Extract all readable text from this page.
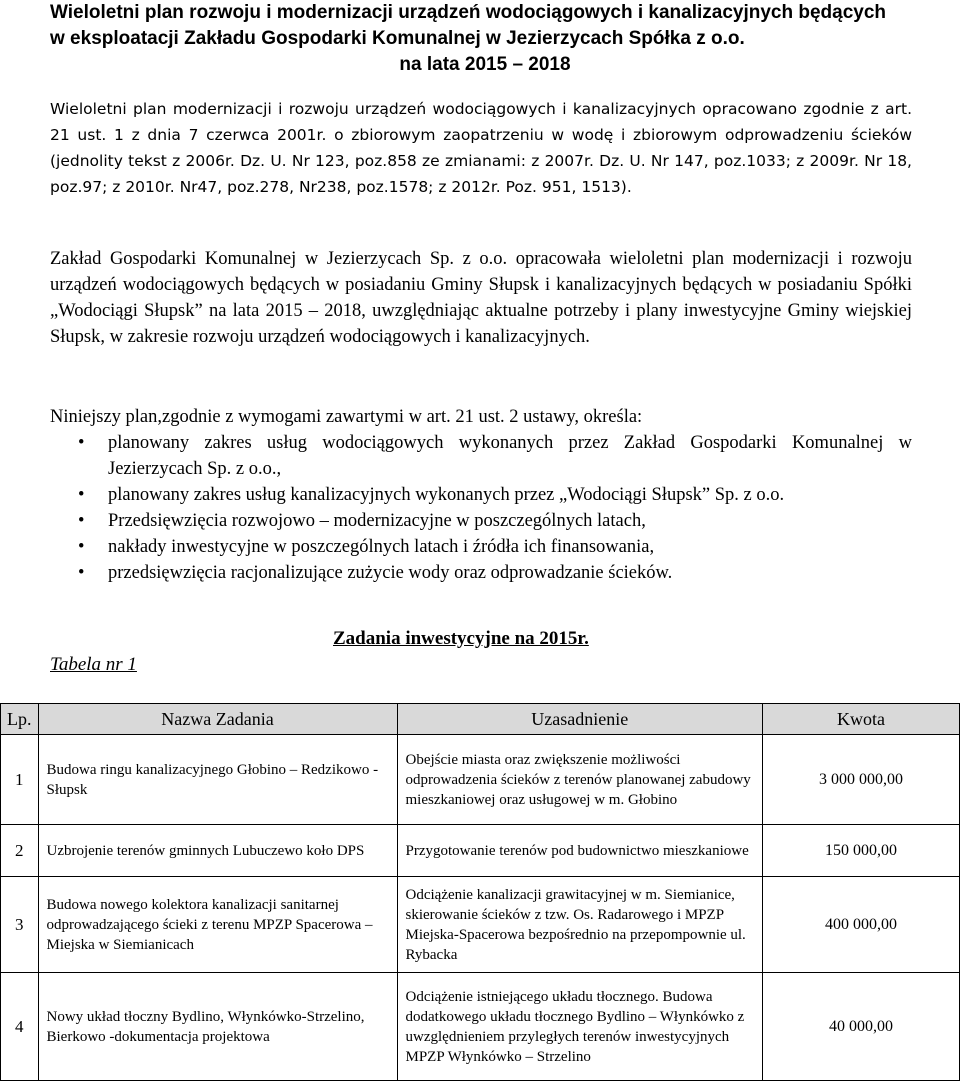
Wieloletni plan rozwoju i modernizacji urządzeń wodociągowych i kanalizacyjnych będących
w eksploatacji Zakładu Gospodarki Komunalnej w Jezierzycach Spółka z o.o.
na lata 2015 – 2018
Wieloletni plan modernizacji i rozwoju urządzeń wodociągowych i kanalizacyjnych opracowano zgodnie z art. 21 ust. 1 z dnia 7 czerwca 2001r. o zbiorowym zaopatrzeniu w wodę i zbiorowym odprowadzeniu ścieków (jednolity tekst z 2006r. Dz. U. Nr 123, poz.858 ze zmianami: z 2007r. Dz. U. Nr 147, poz.1033; z 2009r. Nr 18, poz.97; z 2010r. Nr47, poz.278, Nr238, poz.1578; z 2012r. Poz. 951, 1513).
Zakład Gospodarki Komunalnej w Jezierzycach Sp. z o.o. opracowała wieloletni plan modernizacji i rozwoju urządzeń wodociągowych będących w posiadaniu Gminy Słupsk i kanalizacyjnych będących w posiadaniu Spółki „Wodociągi Słupsk” na lata 2015 – 2018, uwzględniając aktualne potrzeby i plany inwestycyjne Gminy wiejskiej Słupsk, w zakresie rozwoju urządzeń wodociągowych i kanalizacyjnych.
Niniejszy plan,zgodnie z wymogami zawartymi w art. 21 ust. 2 ustawy, określa:
• planowany zakres usług wodociągowych wykonanych przez Zakład Gospodarki Komunalnej w Jezierzycach Sp. z o.o.,
• planowany zakres usług kanalizacyjnych wykonanych przez „Wodociągi Słupsk” Sp. z o.o.
• Przedsięwzięcia rozwojowo – modernizacyjne w poszczególnych latach,
• nakłady inwestycyjne w poszczególnych latach i źródła ich finansowania,
• przedsięwzięcia racjonalizujące zużycie wody oraz odprowadzanie ścieków.
Zadania inwestycyjne na 2015r.
Tabela nr 1
Lp.	Nazwa Zadania	Uzasadnienie	Kwota
1	Budowa ringu kanalizacyjnego Głobino – Redzikowo - Słupsk	Obejście miasta oraz zwiększenie możliwości odprowadzenia ścieków z terenów planowanej zabudowy mieszkaniowej oraz usługowej w m. Głobino	3 000 000,00
2	Uzbrojenie terenów gminnych Lubuczewo koło DPS	Przygotowanie terenów pod budownictwo mieszkaniowe	150 000,00
3	Budowa nowego kolektora kanalizacji sanitarnej odprowadzającego ścieki z terenu MPZP Spacerowa – Miejska w Siemianicach	Odciążenie kanalizacji grawitacyjnej w m. Siemianice, skierowanie ścieków z tzw. Os. Radarowego i MPZP Miejska-Spacerowa bezpośrednio na przepompownie ul. Rybacka	400 000,00
4	Nowy układ tłoczny Bydlino, Włynkówko-Strzelino, Bierkowo -dokumentacja projektowa	Odciążenie istniejącego układu tłocznego. Budowa dodatkowego układu tłocznego Bydlino – Włynkówko z uwzględnieniem przyległych terenów inwestycyjnych MPZP Włynkówko – Strzelino	40 000,00
